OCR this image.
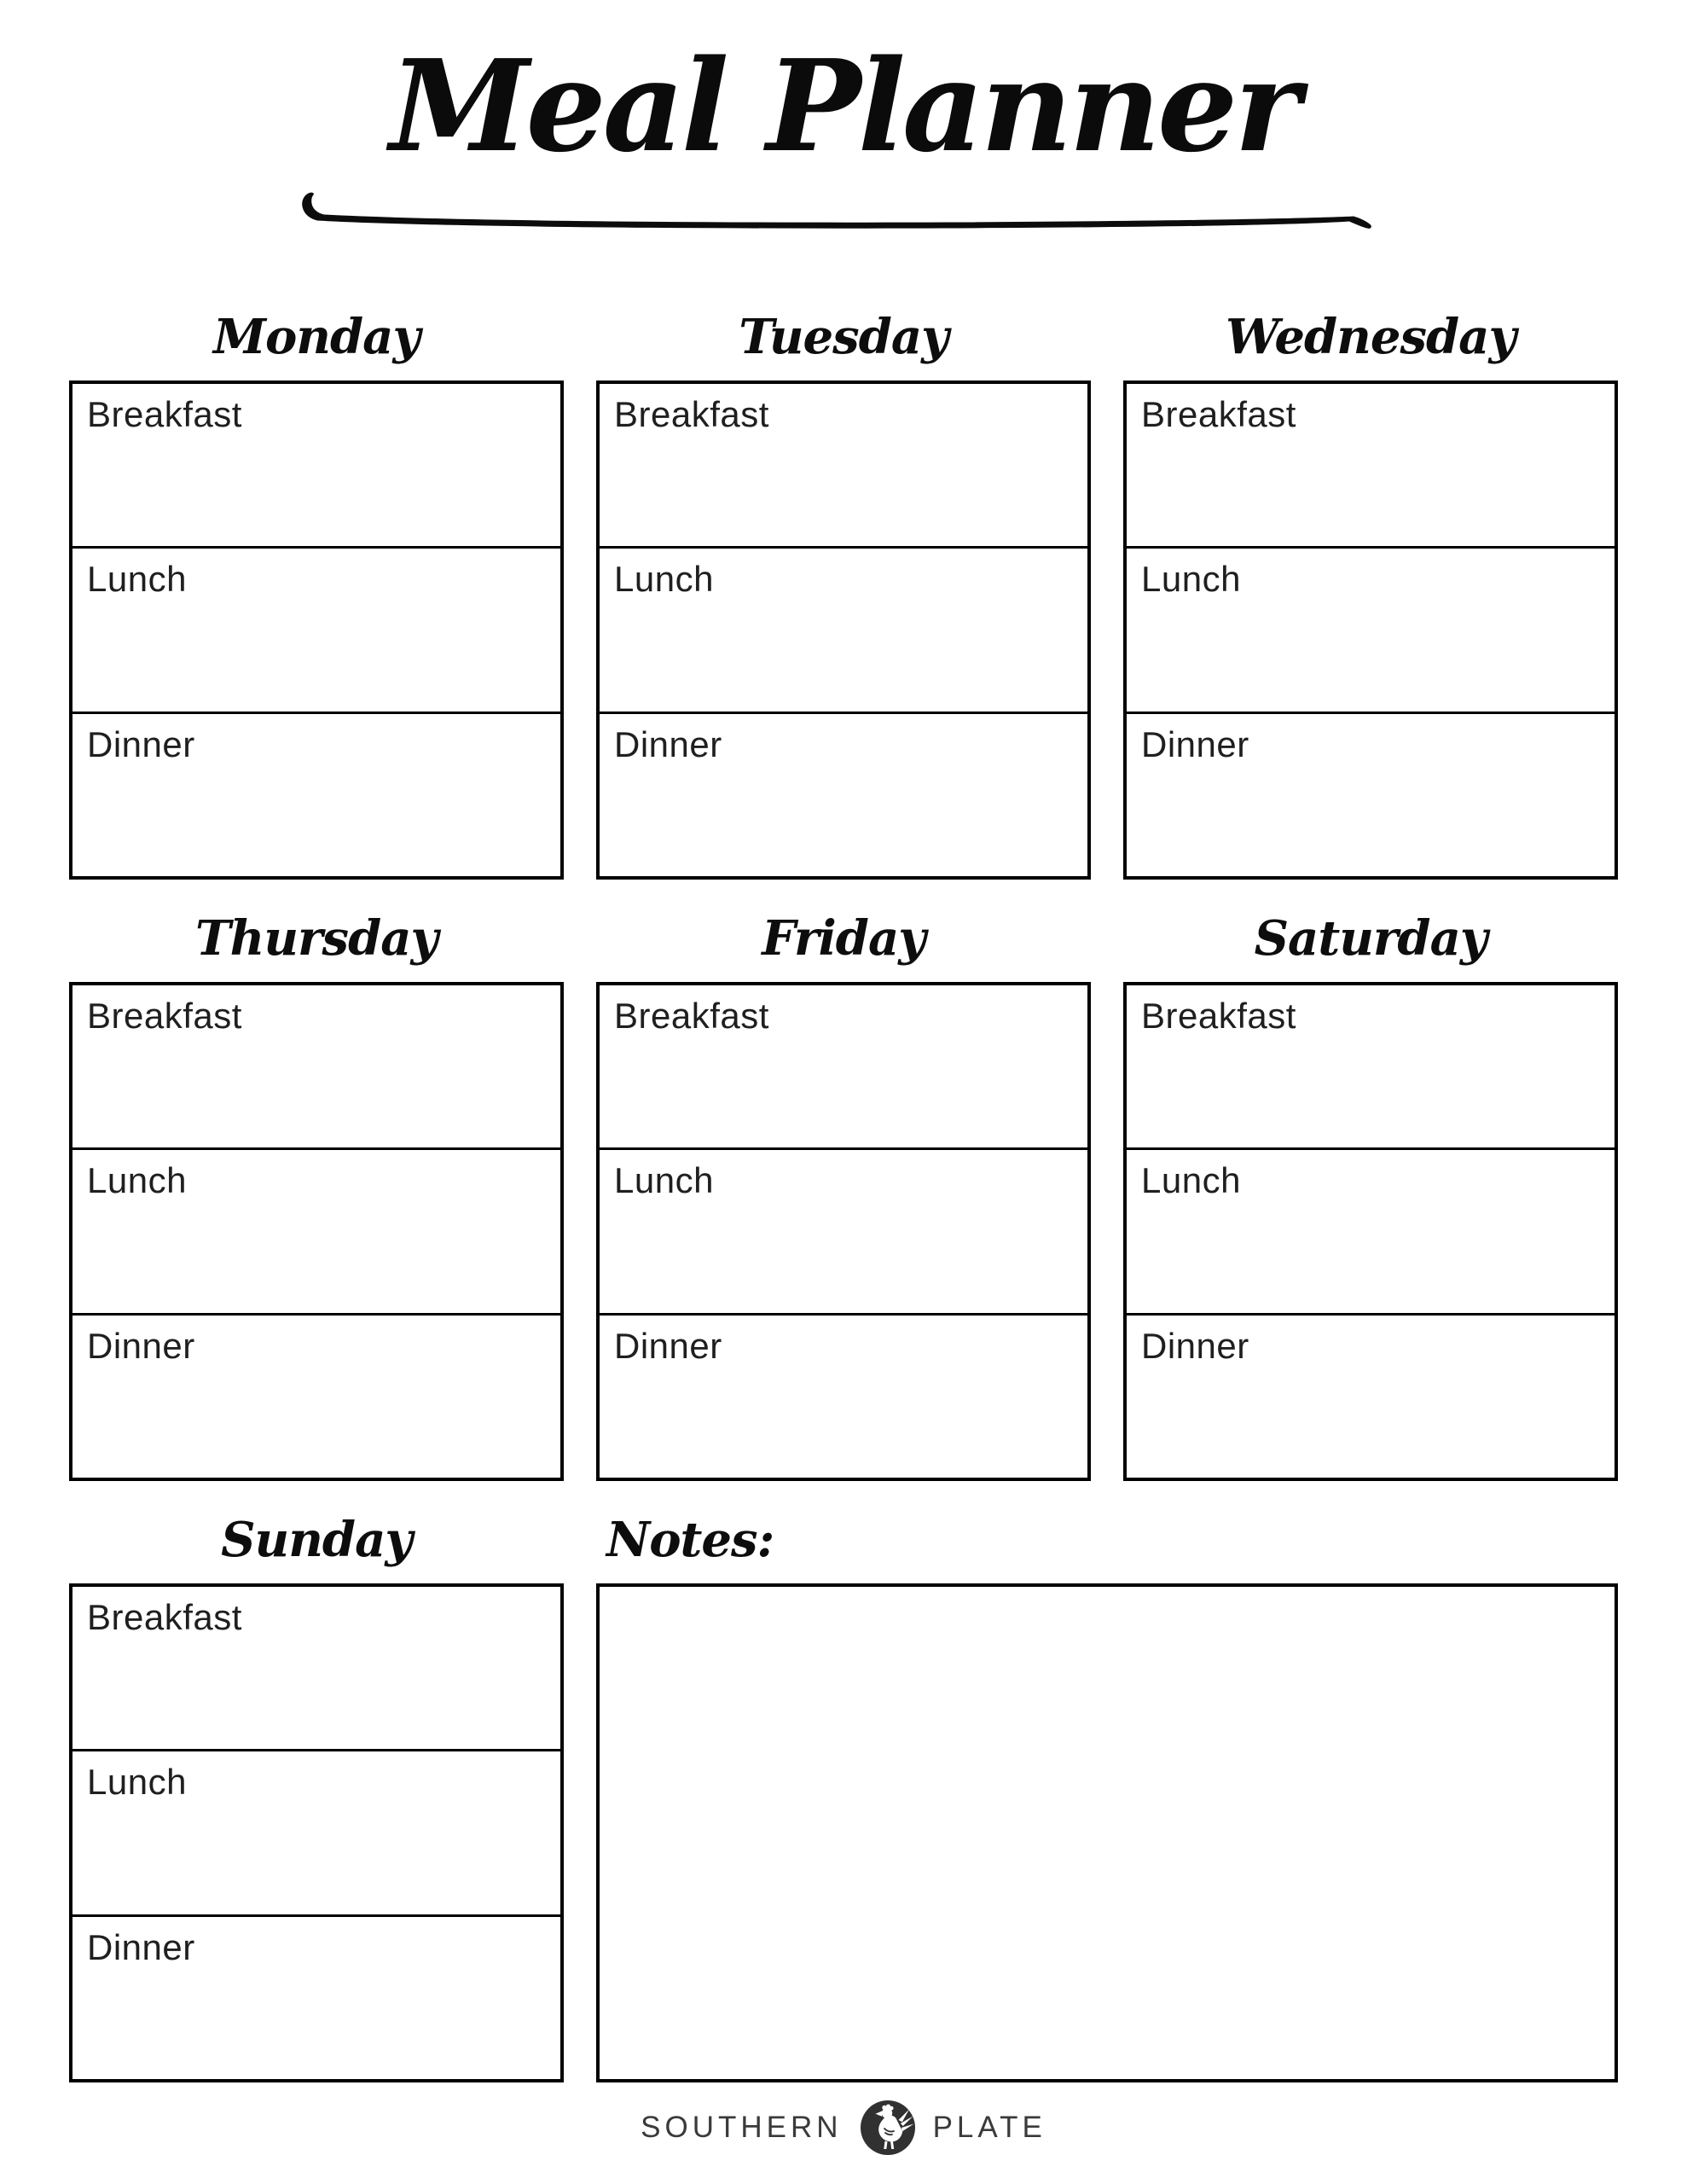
Meal Planner
Monday
Breakfast
Lunch
Dinner
Tuesday
Breakfast
Lunch
Dinner
Wednesday
Breakfast
Lunch
Dinner
Thursday
Breakfast
Lunch
Dinner
Friday
Breakfast
Lunch
Dinner
Saturday
Breakfast
Lunch
Dinner
Sunday
Breakfast
Lunch
Dinner
Notes:
SOUTHERN	PLATE
